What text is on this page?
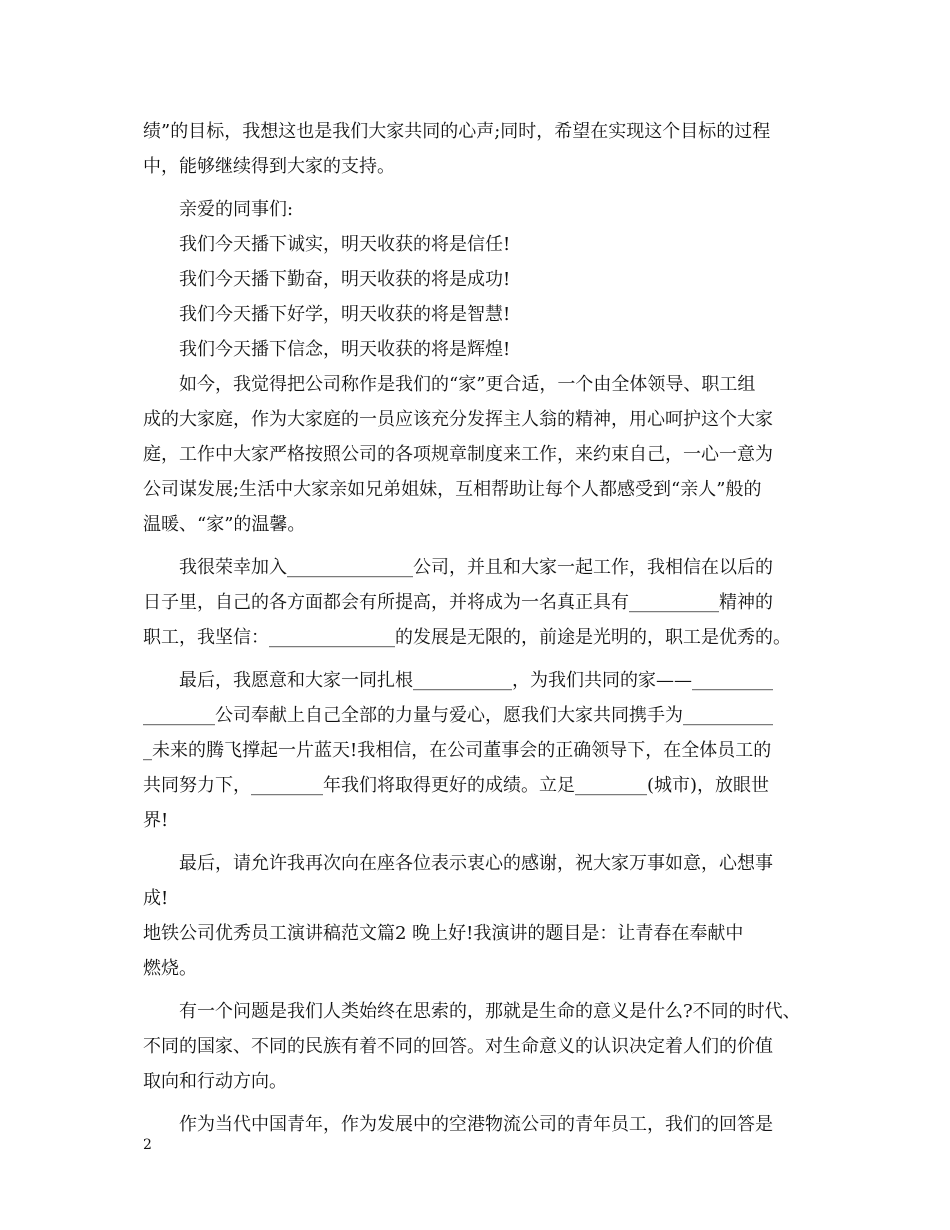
绩”的目标，我想这也是我们大家共同的心声;同时，希望在实现这个目标的过程
中，能够继续得到大家的支持。
亲爱的同事们:
我们今天播下诚实，明天收获的将是信任!
我们今天播下勤奋，明天收获的将是成功!
我们今天播下好学，明天收获的将是智慧!
我们今天播下信念，明天收获的将是辉煌!
如今，我觉得把公司称作是我们的“家”更合适，一个由全体领导、职工组
成的大家庭，作为大家庭的一员应该充分发挥主人翁的精神，用心呵护这个大家
庭，工作中大家严格按照公司的各项规章制度来工作，来约束自己，一心一意为
公司谋发展;生活中大家亲如兄弟姐妹，互相帮助让每个人都感受到“亲人”般的
温暖、“家”的温馨。
我很荣幸加入______________公司，并且和大家一起工作，我相信在以后的
日子里，自己的各方面都会有所提高，并将成为一名真正具有__________精神的
职工，我坚信：______________的发展是无限的，前途是光明的，职工是优秀的。
最后，我愿意和大家一同扎根___________，为我们共同的家——_________
________公司奉献上自己全部的力量与爱心，愿我们大家共同携手为__________
_未来的腾飞撑起一片蓝天!我相信，在公司董事会的正确领导下，在全体员工的
共同努力下，________年我们将取得更好的成绩。立足________(城市)，放眼世
界!
最后，请允许我再次向在座各位表示衷心的感谢，祝大家万事如意，心想事
成!
地铁公司优秀员工演讲稿范文篇2 晚上好!我演讲的题目是：让青春在奉献中
燃烧。
有一个问题是我们人类始终在思索的，那就是生命的意义是什么?不同的时代、
不同的国家、不同的民族有着不同的回答。对生命意义的认识决定着人们的价值
取向和行动方向。
作为当代中国青年，作为发展中的空港物流公司的青年员工，我们的回答是
2
